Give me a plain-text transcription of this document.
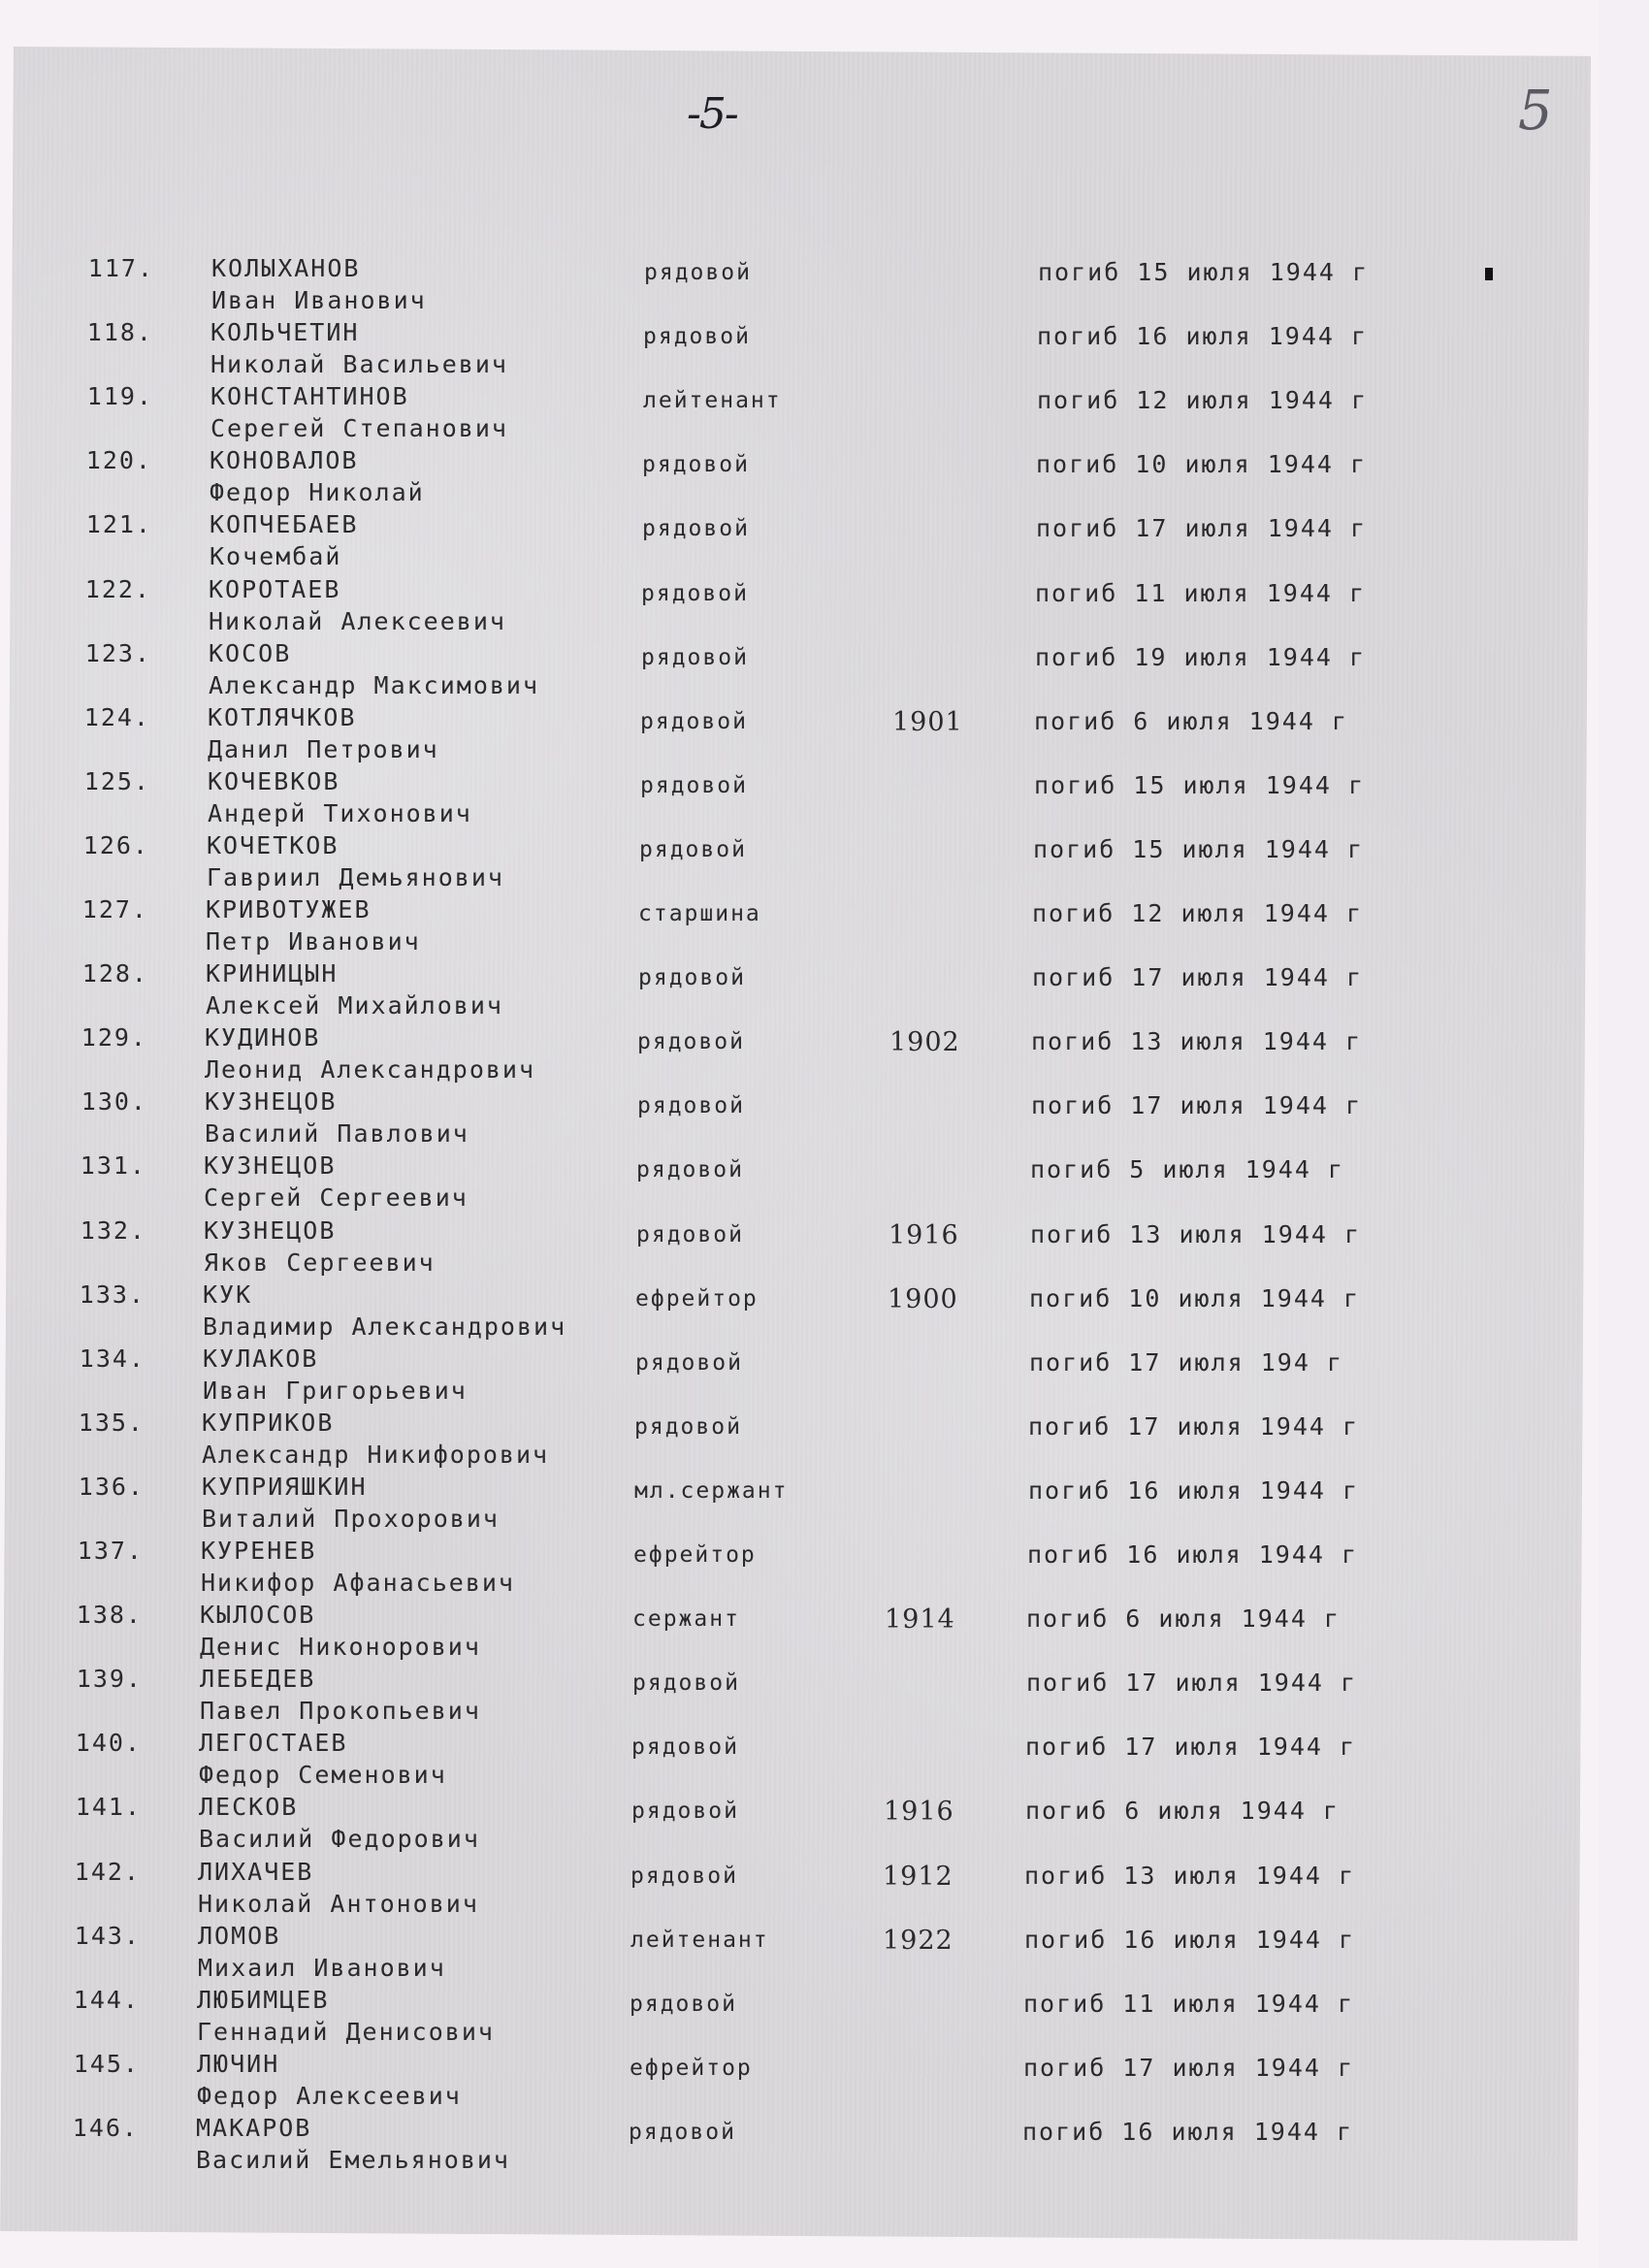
-5-	5
117. КОЛЫХАНОВ
Иван Иванович
рядовой	погиб 15 июля 1944 г
118. КОЛЬЧЕТИН
Николай Васильевич
рядовой	погиб 16 июля 1944 г
119. КОНСТАНТИНОВ
Серегей Степанович
лейтенант	погиб 12 июля 1944 г
120. КОНОВАЛОВ
Федор Николай
рядовой	погиб 10 июля 1944 г
121. КОПЧЕБАЕВ
Кочембай
рядовой	погиб 17 июля 1944 г
122. КОРОТАЕВ
Николай Алексеевич
рядовой	погиб 11 июля 1944 г
123. КОСОВ
Александр Максимович
рядовой	погиб 19 июля 1944 г
124. КОТЛЯЧКОВ
Данил Петрович
рядовой	1901	погиб 6 июля 1944 г
125. КОЧЕВКОВ
Андерй Тихонович
рядовой	погиб 15 июля 1944 г
126. КОЧЕТКОВ
Гавриил Демьянович
рядовой	погиб 15 июля 1944 г
127. КРИВОТУЖЕВ
Петр Иванович
старшина	погиб 12 июля 1944 г
128. КРИНИЦЫН
Алексей Михайлович
рядовой	погиб 17 июля 1944 г
129. КУДИНОВ
Леонид Александрович
рядовой	1902	погиб 13 июля 1944 г
130. КУЗНЕЦОВ
Василий Павлович
рядовой	погиб 17 июля 1944 г
131. КУЗНЕЦОВ
Сергей Сергеевич
рядовой	погиб 5 июля 1944 г
132. КУЗНЕЦОВ
Яков Сергеевич
рядовой	1916	погиб 13 июля 1944 г
133. КУК
Владимир Александрович
ефрейтор	1900	погиб 10 июля 1944 г
134. КУЛАКОВ
Иван Григорьевич
рядовой	погиб 17 июля 194 г
135. КУПРИКОВ
Александр Никифорович
рядовой	погиб 17 июля 1944 г
136. КУПРИЯШКИН
Виталий Прохорович
мл.сержант	погиб 16 июля 1944 г
137. КУРЕНЕВ
Никифор Афанасьевич
ефрейтор	погиб 16 июля 1944 г
138. КЫЛОСОВ
Денис Никонорович
сержант	1914	погиб 6 июля 1944 г
139. ЛЕБЕДЕВ
Павел Прокопьевич
рядовой	погиб 17 июля 1944 г
140. ЛЕГОСТАЕВ
Федор Семенович
рядовой	погиб 17 июля 1944 г
141. ЛЕСКОВ
Василий Федорович
рядовой	1916	погиб 6 июля 1944 г
142. ЛИХАЧЕВ
Николай Антонович
рядовой	1912	погиб 13 июля 1944 г
143. ЛОМОВ
Михаил Иванович
лейтенант	1922	погиб 16 июля 1944 г
144. ЛЮБИМЦЕВ
Геннадий Денисович
рядовой	погиб 11 июля 1944 г
145. ЛЮЧИН
Федор Алексеевич
ефрейтор	погиб 17 июля 1944 г
146. МАКАРОВ
Василий Емельянович
рядовой	погиб 16 июля 1944 г
